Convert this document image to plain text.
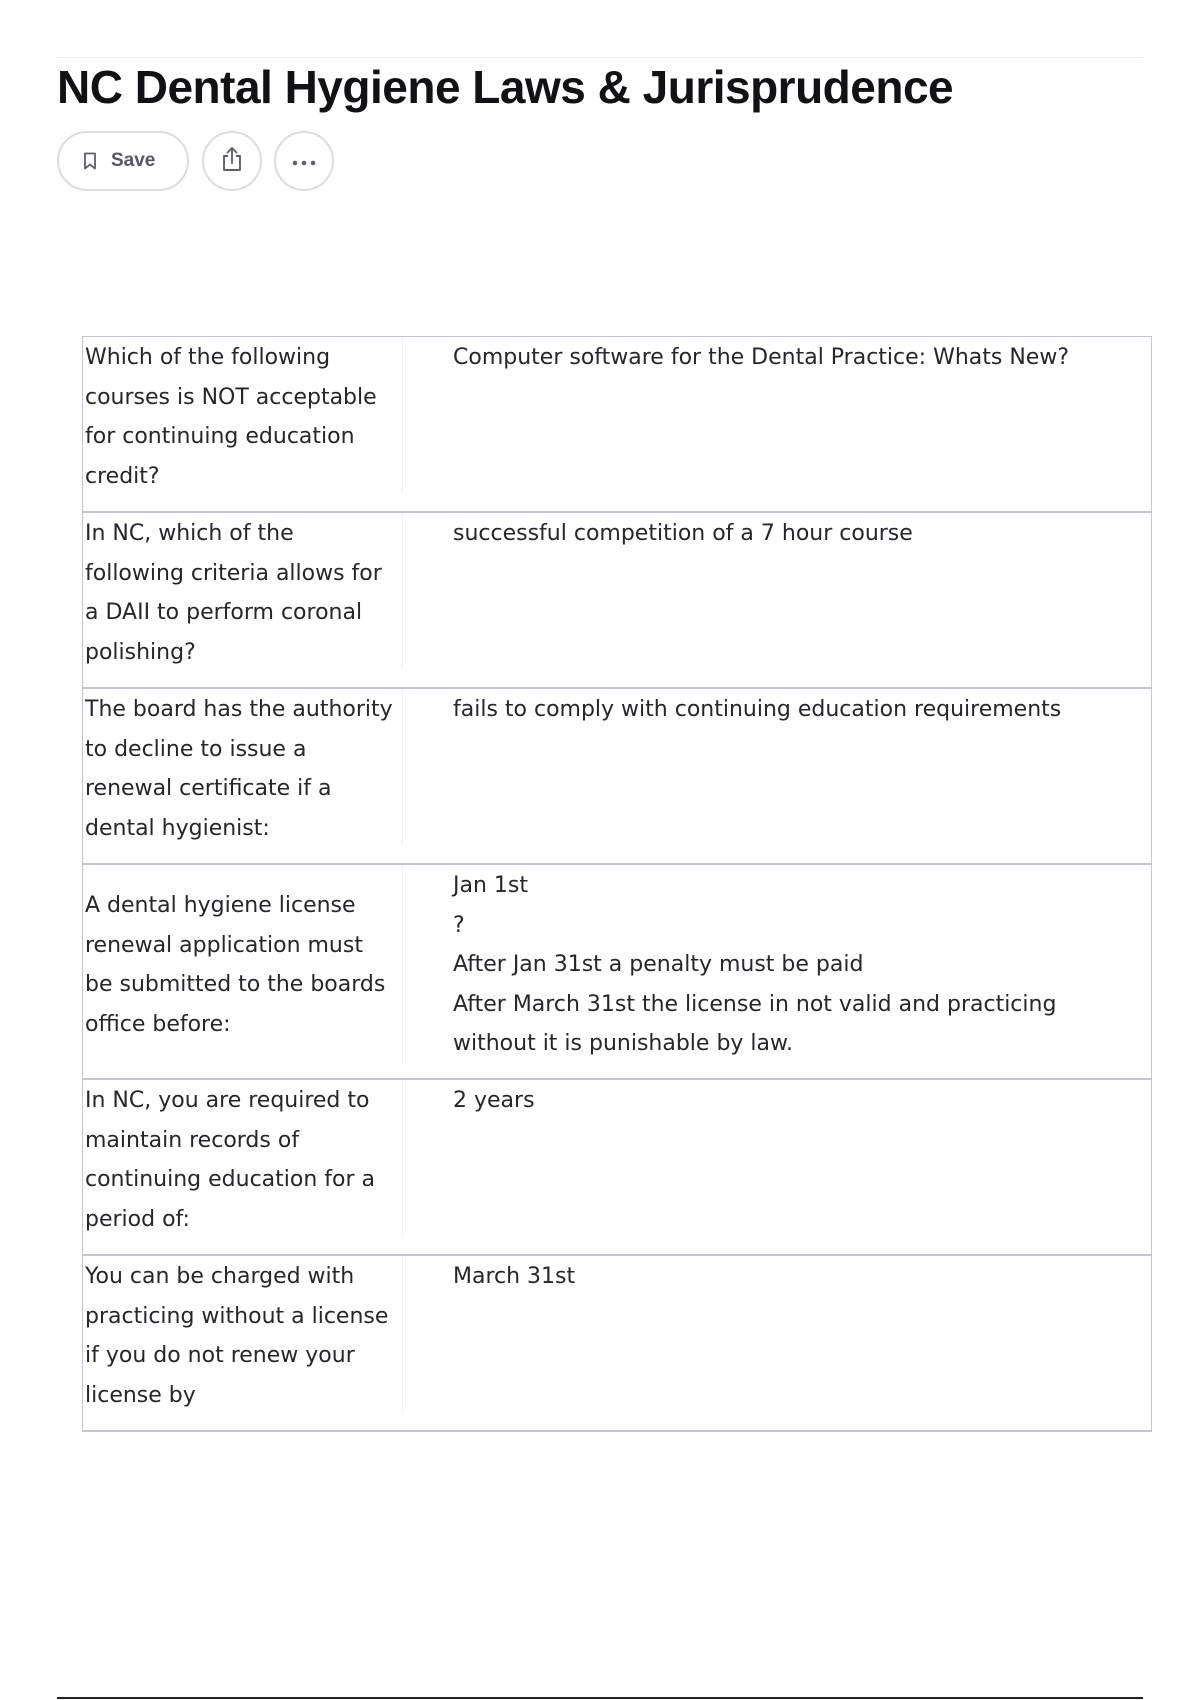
NC Dental Hygiene Laws & Jurisprudence
Save
Which of the following courses is NOT acceptable for continuing education credit?
Computer software for the Dental Practice: Whats New?
In NC, which of the following criteria allows for a DAII to perform coronal polishing?
successful competition of a 7 hour course
The board has the authority to decline to issue a renewal certificate if a dental hygienist:
fails to comply with continuing education requirements
A dental hygiene license renewal application must be submitted to the boards office before:
Jan 1st
?
After Jan 31st a penalty must be paid
After March 31st the license in not valid and practicing without it is punishable by law.
In NC, you are required to maintain records of continuing education for a period of:
2 years
You can be charged with practicing without a license if you do not renew your license by
March 31st
